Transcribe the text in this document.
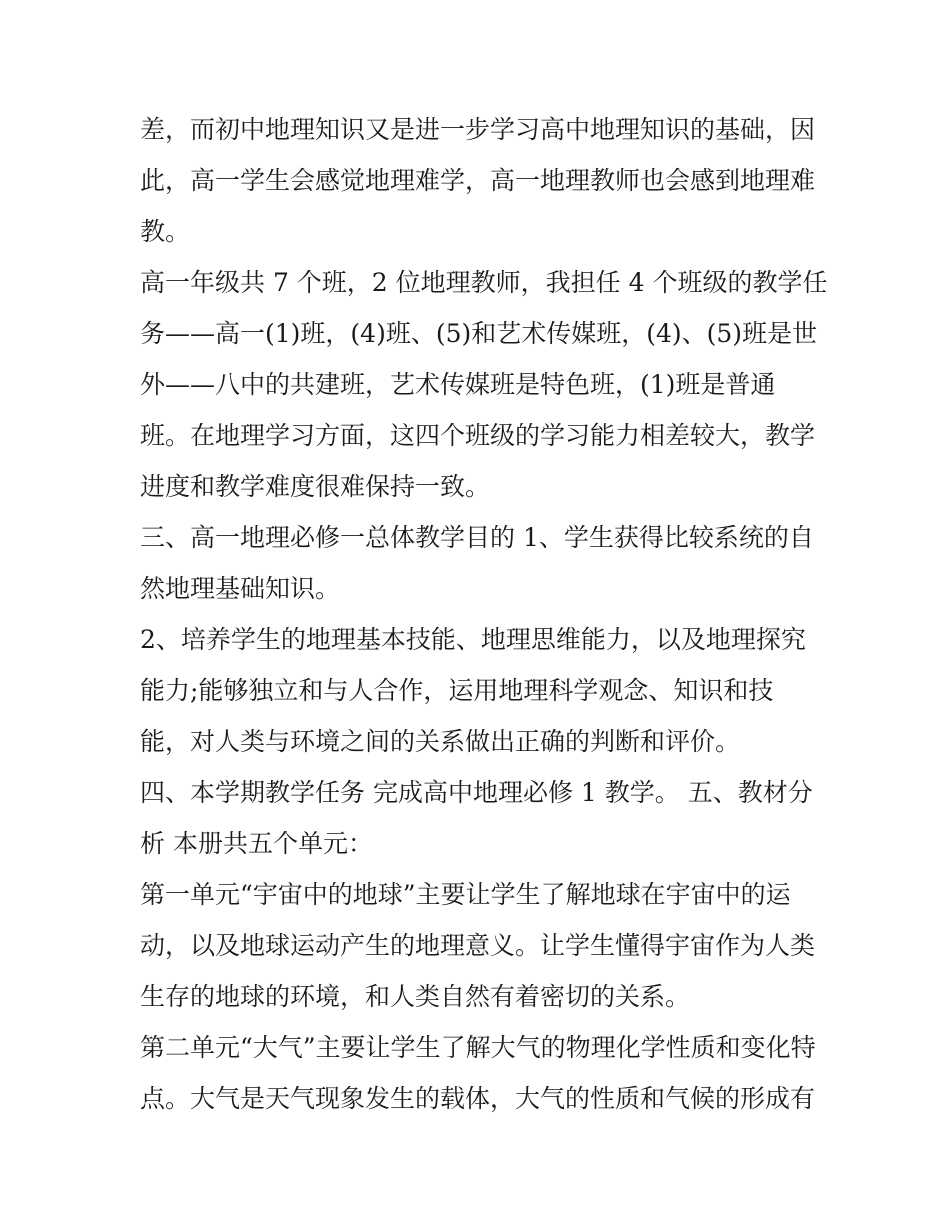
差，而初中地理知识又是进一步学习高中地理知识的基础，因
此，高一学生会感觉地理难学，高一地理教师也会感到地理难
教。
高一年级共 7 个班，2 位地理教师，我担任 4 个班级的教学任
务——高一(1)班，(4)班、(5)和艺术传媒班，(4)、(5)班是世
外——八中的共建班，艺术传媒班是特色班，(1)班是普通
班。在地理学习方面，这四个班级的学习能力相差较大，教学
进度和教学难度很难保持一致。
三、高一地理必修一总体教学目的 1、学生获得比较系统的自
然地理基础知识。
2、培养学生的地理基本技能、地理思维能力，以及地理探究
能力;能够独立和与人合作，运用地理科学观念、知识和技
能，对人类与环境之间的关系做出正确的判断和评价。
四、本学期教学任务 完成高中地理必修 1 教学。 五、教材分
析 本册共五个单元：
第一单元“宇宙中的地球”主要让学生了解地球在宇宙中的运
动，以及地球运动产生的地理意义。让学生懂得宇宙作为人类
生存的地球的环境，和人类自然有着密切的关系。
第二单元“大气”主要让学生了解大气的物理化学性质和变化特
点。大气是天气现象发生的载体，大气的性质和气候的形成有
